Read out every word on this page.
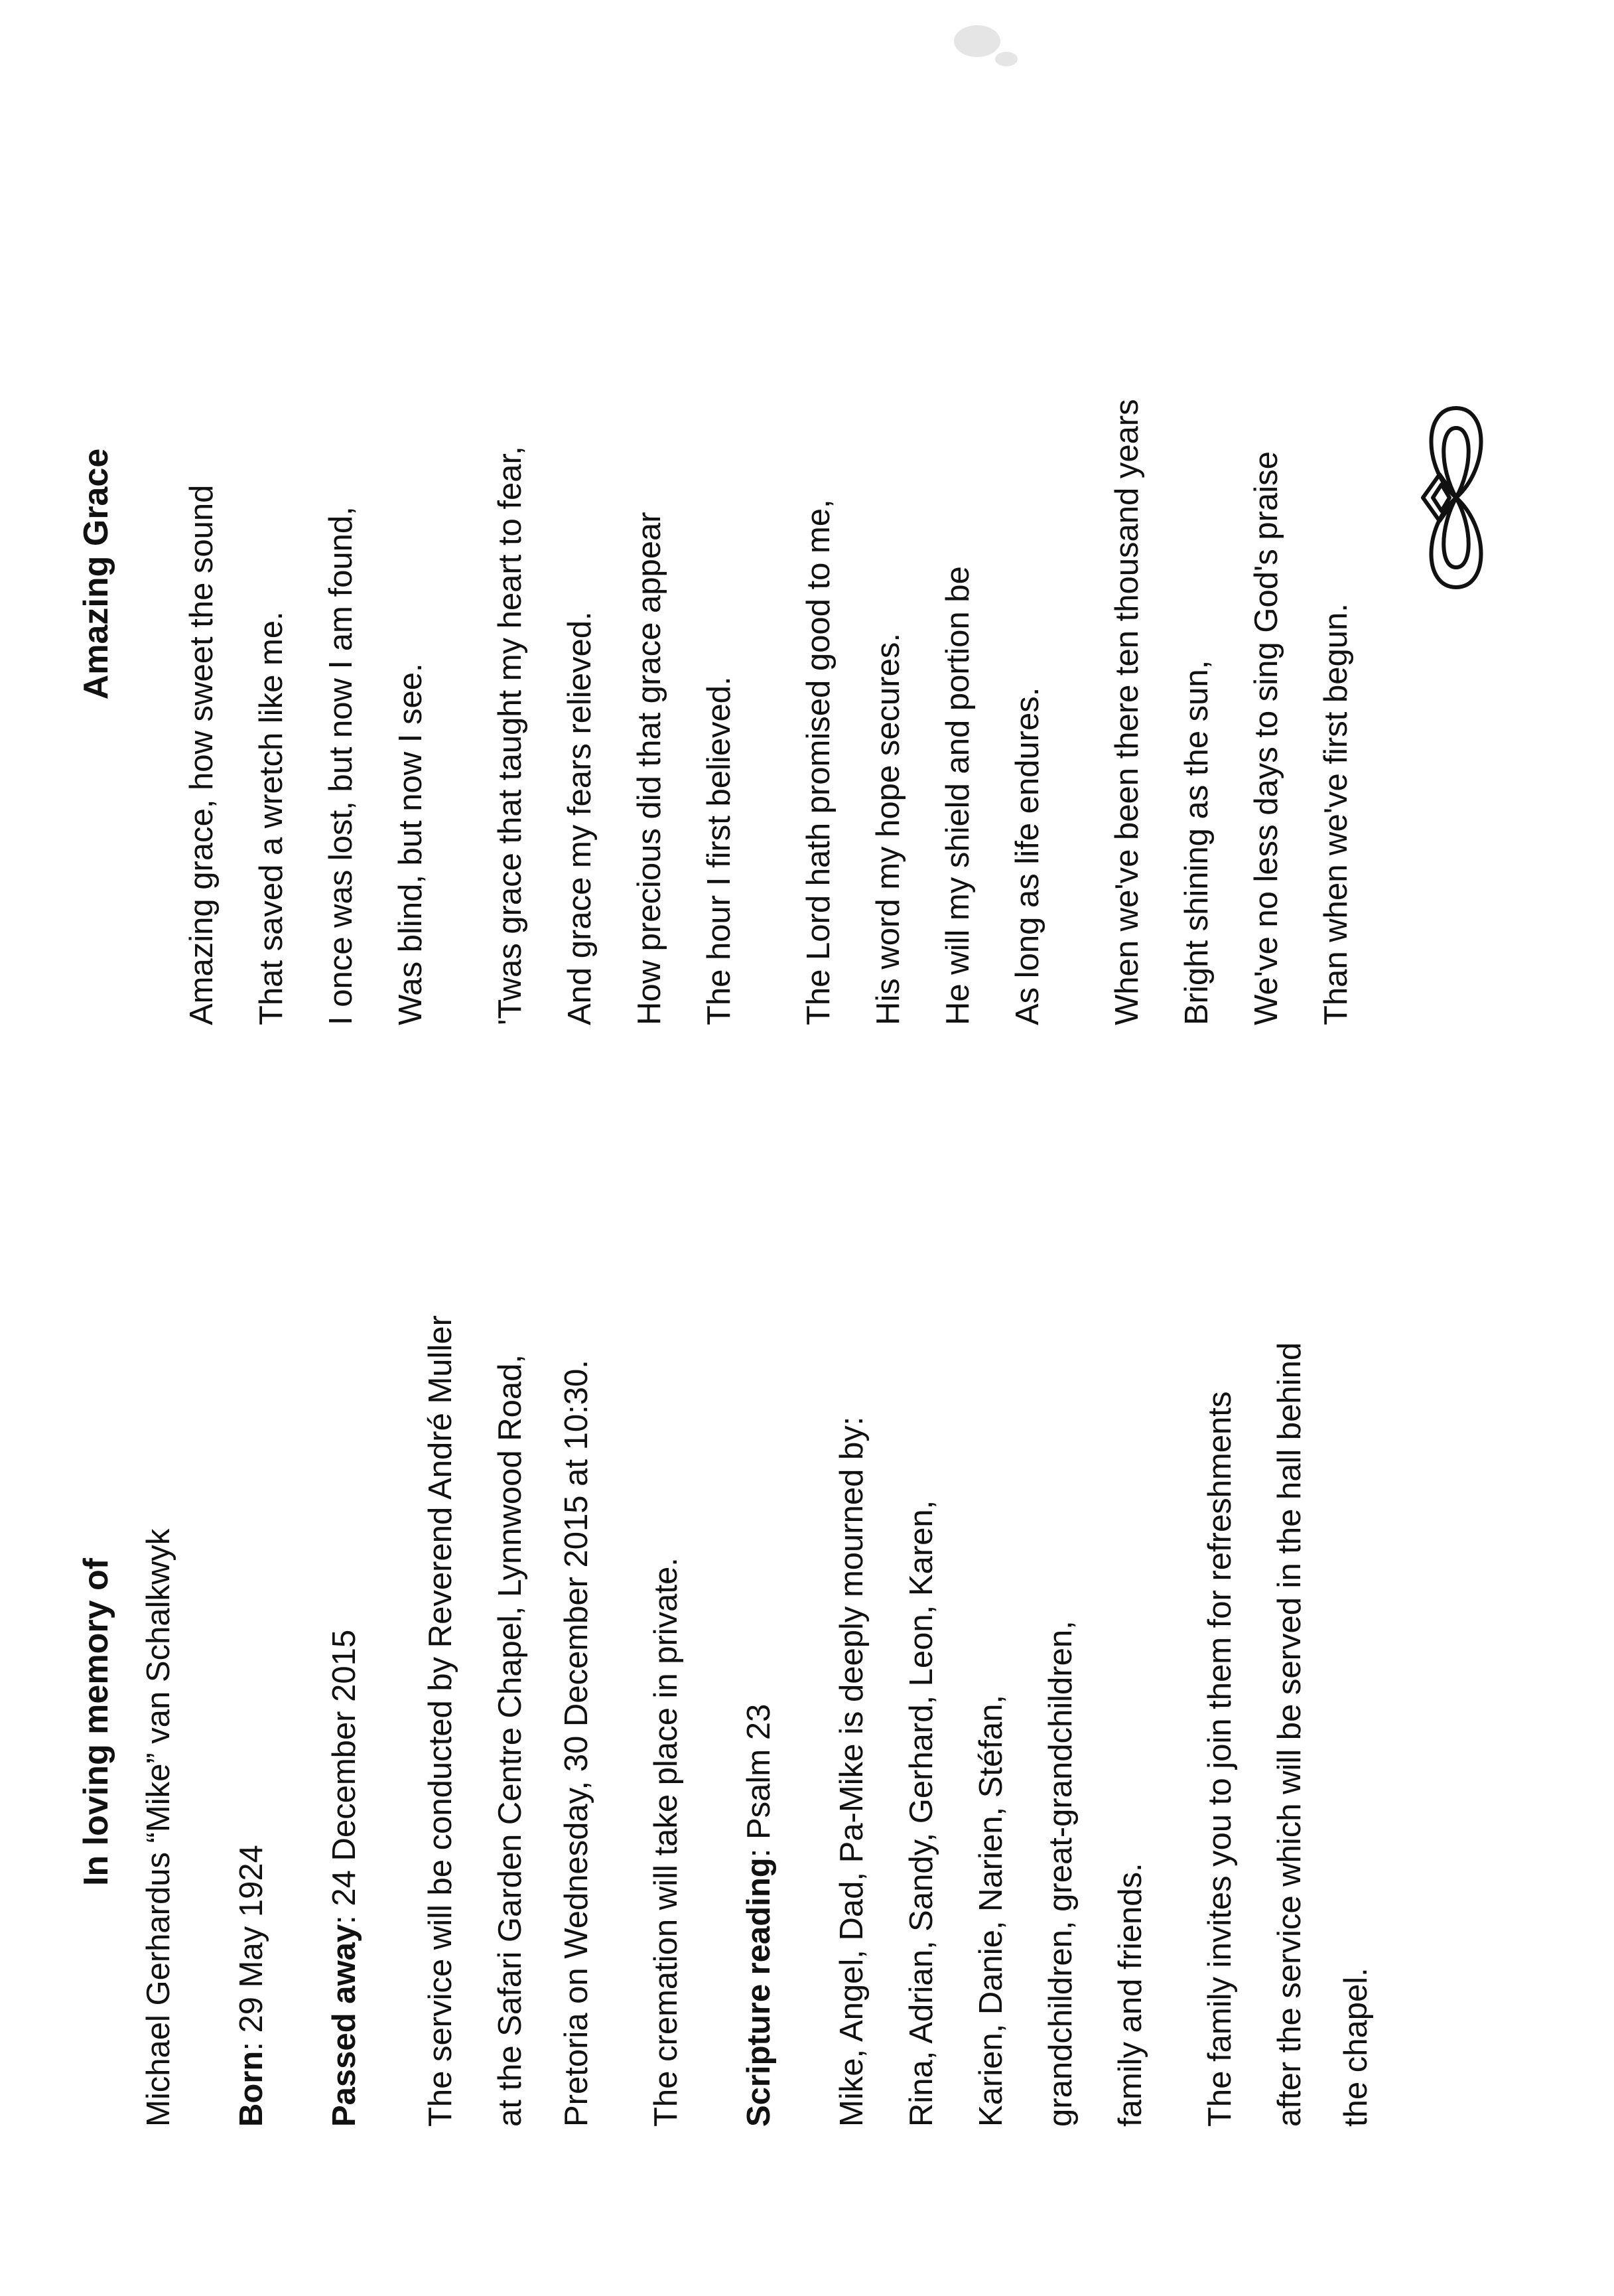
In loving memory of Michael Gerhardus “Mike” van Schalkwyk Born: 29 May 1924 Passed away: 24 December 2015 The service will be conducted by Reverend André Muller at the Safari Garden Centre Chapel, Lynnwood Road, Pretoria on Wednesday, 30 December 2015 at 10:30. The cremation will take place in private. Scripture reading: Psalm 23 Mike, Angel, Dad, Pa-Mike is deeply mourned by: Rina, Adrian, Sandy, Gerhard, Leon, Karen, Karien, Danie, Narien, Stéfan, grandchildren, great-grandchildren, family and friends. The family invites you to join them for refreshments after the service which will be served in the hall behind the chapel.
Amazing Grace Amazing grace, how sweet the sound That saved a wretch like me. I once was lost, but now I am found, Was blind, but now I see. 'Twas grace that taught my heart to fear, And grace my fears relieved. How precious did that grace appear The hour I first believed. The Lord hath promised good to me, His word my hope secures. He will my shield and portion be As long as life endures. When we've been there ten thousand years Bright shining as the sun, We've no less days to sing God's praise Than when we've first begun.
